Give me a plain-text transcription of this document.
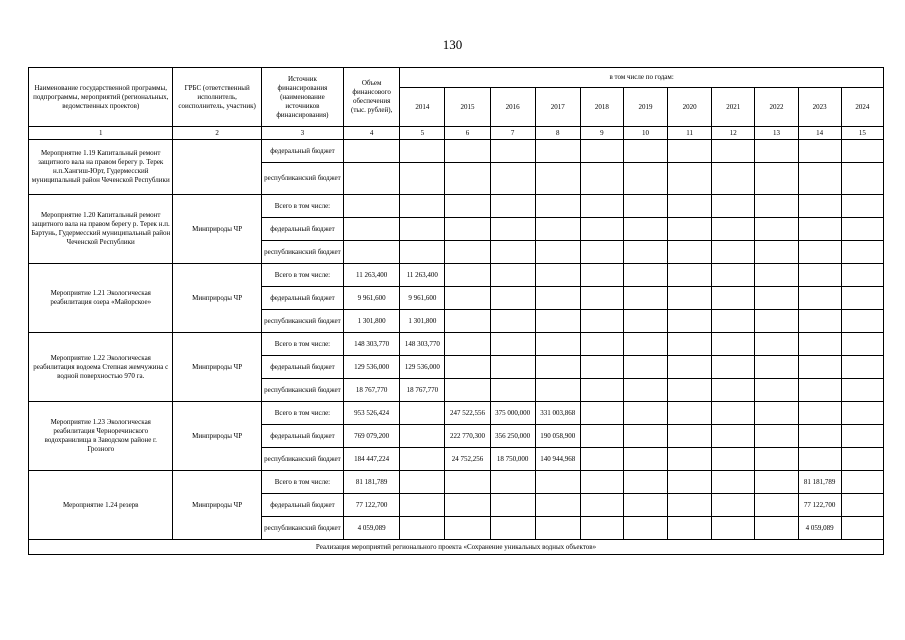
130
Наименование государственной программы, подпрограммы, мероприятий (региональных, ведомственных проектов)	ГРБС (ответственный исполнитель, соисполнитель, участник)	Источник финансирования (наименование источников финансирования)	Объем финансового обеспечения (тыс. рублей),	в том числе по годам:										
				2014	2015	2016	2017	2018	2019	2020	2021	2022	2023	2024
1	2	3	4	5	6	7	8	9	10	11	12	13	14	15
Мероприятие 1.19 Капитальный ремонт защитного вала на правом берегу р. Терек н.п.Хангиш-Юрт, Гудермесский муниципальный район Чеченской Республики		федеральный бюджет												
		республиканский бюджет												
Мероприятие 1.20 Капитальный ремонт защитного вала на правом берегу р. Терек н.п. Бартунь, Гудермесский муниципальный район Чеченской Республики	Минприроды ЧР	Всего в том числе:												
		федеральный бюджет												
		республиканский бюджет												
Мероприятие 1.21 Экологическая реабилитация озера «Майорское»	Минприроды ЧР	Всего в том числе:	11 263,400	11 263,400										
		федеральный бюджет	9 961,600	9 961,600										
		республиканский бюджет	1 301,800	1 301,800										
Мероприятие 1.22 Экологическая реабилитация водоема Степная жемчужина с водной поверхностью 970 га.	Минприроды ЧР	Всего в том числе:	148 303,770	148 303,770										
		федеральный бюджет	129 536,000	129 536,000										
		республиканский бюджет	18 767,770	18 767,770										
Мероприятие 1.23 Экологическая реабилитация Черноречинского водохранилища в Заводском районе г. Грозного	Минприроды ЧР	Всего в том числе:	953 526,424		247 522,556	375 000,000	331 003,868							
		федеральный бюджет	769 079,200		222 770,300	356 250,000	190 058,900							
		республиканский бюджет	184 447,224		24 752,256	18 750,000	140 944,968							
Мероприятие 1.24 резерв	Минприроды ЧР	Всего в том числе:	81 181,789										81 181,789	
		федеральный бюджет	77 122,700										77 122,700	
		республиканский бюджет	4 059,089										4 059,089	
Реализация мероприятий регионального проекта «Сохранение уникальных водных объектов»														
